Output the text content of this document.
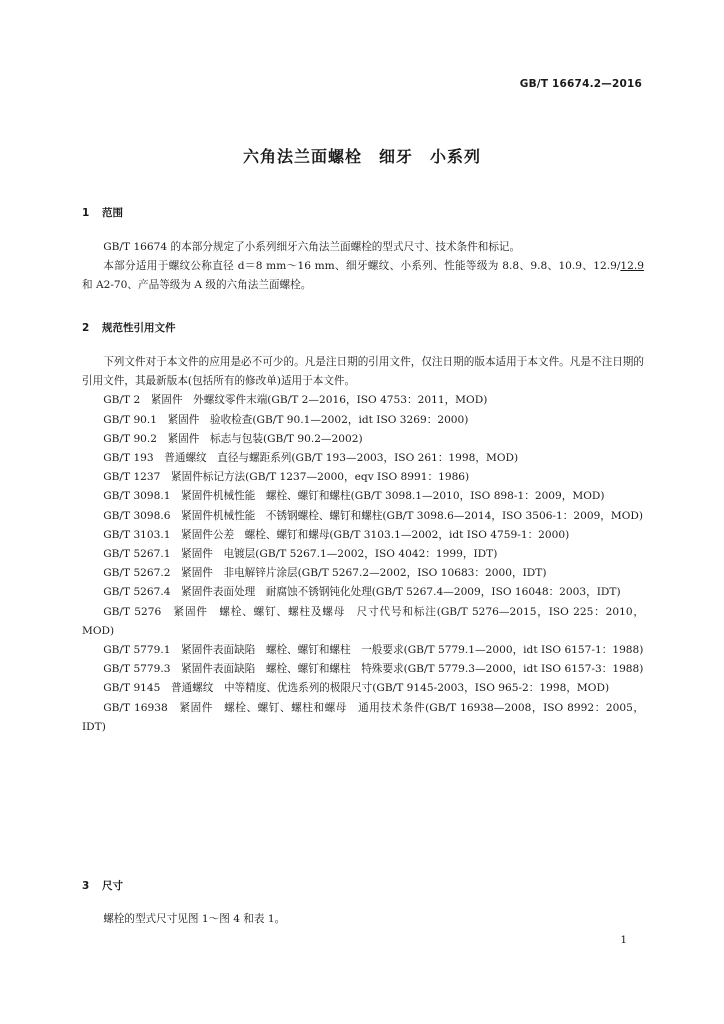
GB/T 16674.2—2016
六角法兰面螺栓　细牙　小系列
1 范围

GB/T 16674 的本部分规定了小系列细牙六角法兰面螺栓的型式尺寸、技术条件和标记。

本部分适用于螺纹公称直径 d＝8 mm～16 mm、细牙螺纹、小系列、性能等级为 8.8、9.8、10.9、12.9/12.9 和 A2-70、产品等级为 A 级的六角法兰面螺栓。

2 规范性引用文件

下列文件对于本文件的应用是必不可少的。凡是注日期的引用文件，仅注日期的版本适用于本文件。凡是不注日期的引用文件，其最新版本(包括所有的修改单)适用于本文件。

GB/T 2　紧固件　外螺纹零件末端(GB/T 2—2016，ISO 4753：2011，MOD)

GB/T 90.1　紧固件　验收检查(GB/T 90.1—2002，idt ISO 3269：2000)

GB/T 90.2　紧固件　标志与包装(GB/T 90.2—2002)

GB/T 193　普通螺纹　直径与螺距系列(GB/T 193—2003，ISO 261：1998，MOD)

GB/T 1237　紧固件标记方法(GB/T 1237—2000，eqv ISO 8991：1986)

GB/T 3098.1　紧固件机械性能　螺栓、螺钉和螺柱(GB/T 3098.1—2010，ISO 898-1：2009，MOD)

GB/T 3098.6　紧固件机械性能　不锈钢螺栓、螺钉和螺柱(GB/T 3098.6—2014，ISO 3506-1：2009，MOD)

GB/T 3103.1　紧固件公差　螺栓、螺钉和螺母(GB/T 3103.1—2002，idt ISO 4759-1：2000)

GB/T 5267.1　紧固件　电镀层(GB/T 5267.1—2002，ISO 4042：1999，IDT)

GB/T 5267.2　紧固件　非电解锌片涂层(GB/T 5267.2—2002，ISO 10683：2000，IDT)

GB/T 5267.4　紧固件表面处理　耐腐蚀不锈钢钝化处理(GB/T 5267.4—2009，ISO 16048：2003，IDT)

GB/T 5276　紧固件　螺栓、螺钉、螺柱及螺母　尺寸代号和标注(GB/T 5276—2015，ISO 225：2010，MOD)

GB/T 5779.1　紧固件表面缺陷　螺栓、螺钉和螺柱　一般要求(GB/T 5779.1—2000，idt ISO 6157-1：1988)

GB/T 5779.3　紧固件表面缺陷　螺栓、螺钉和螺柱　特殊要求(GB/T 5779.3—2000，idt ISO 6157-3：1988)

GB/T 9145　普通螺纹　中等精度、优选系列的极限尺寸(GB/T 9145-2003，ISO 965-2：1998，MOD)

GB/T 16938　紧固件　螺栓、螺钉、螺柱和螺母　通用技术条件(GB/T 16938—2008，ISO 8992：2005，IDT)

3 尺寸

螺栓的型式尺寸见图 1～图 4 和表 1。

1
